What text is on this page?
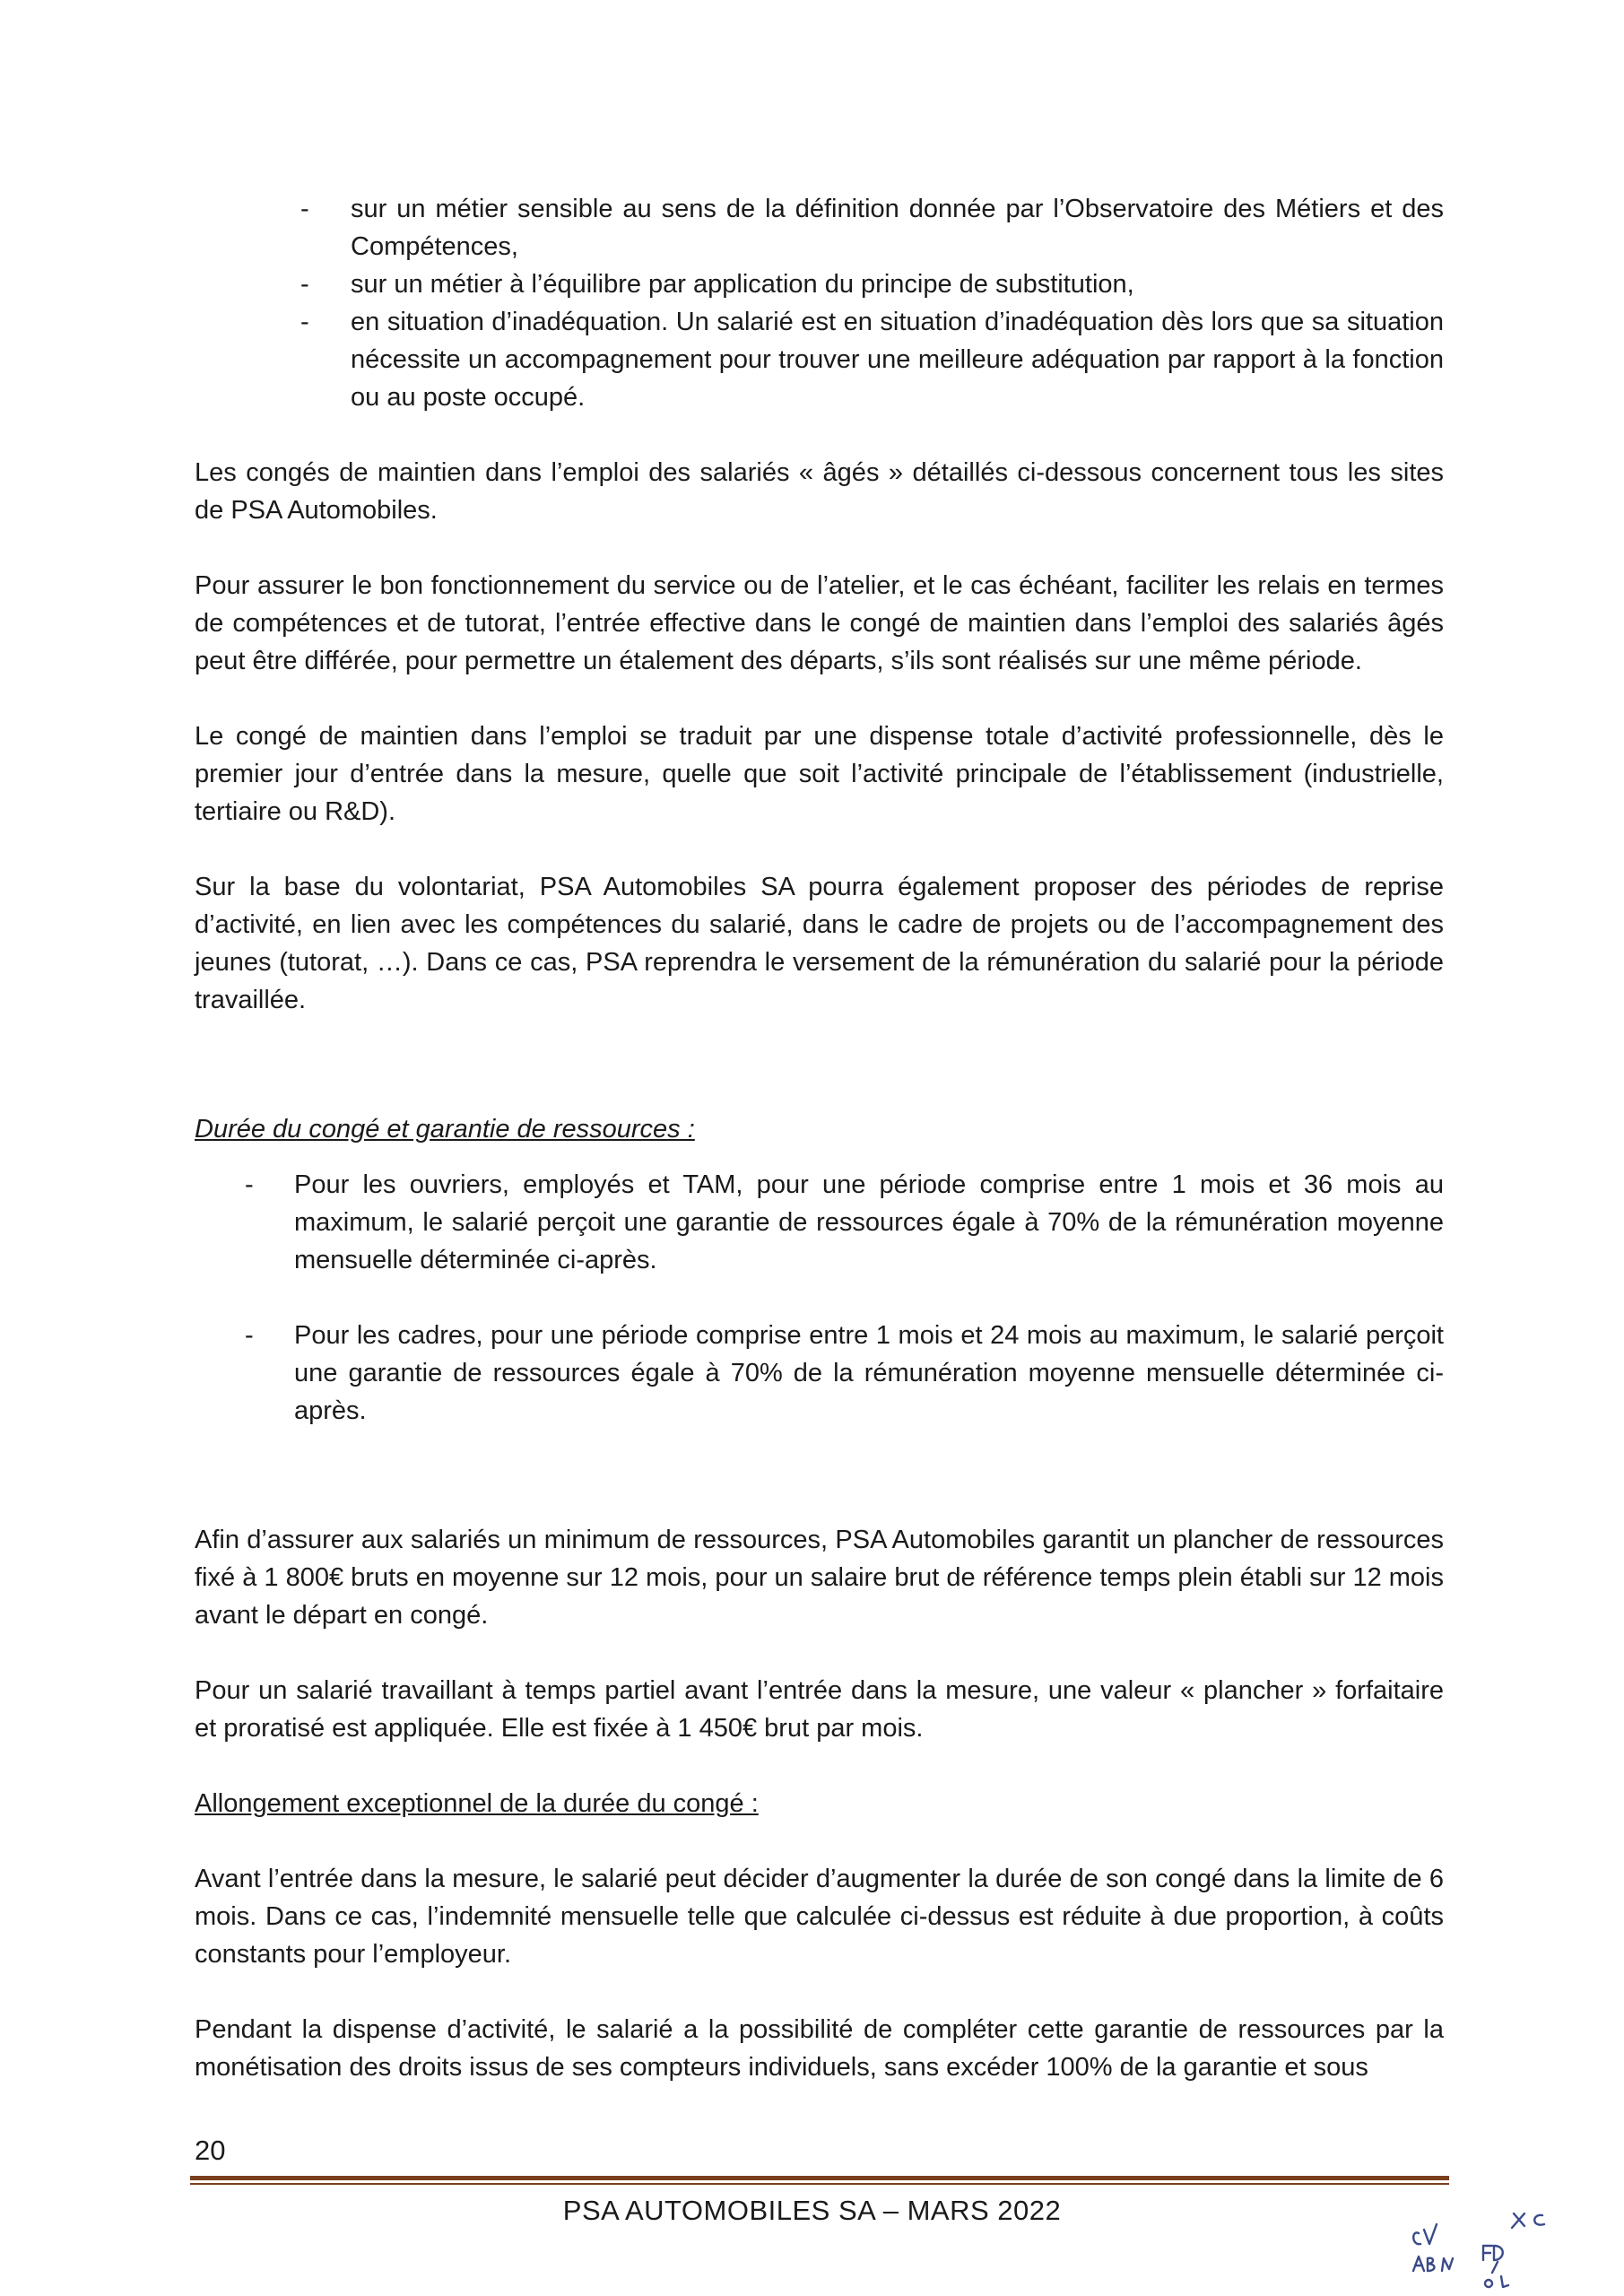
- sur un métier sensible au sens de la définition donnée par l’Observatoire des Métiers et des Compétences,
- sur un métier à l’équilibre par application du principe de substitution,
- en situation d’inadéquation. Un salarié est en situation d’inadéquation dès lors que sa situation nécessite un accompagnement pour trouver une meilleure adéquation par rapport à la fonction ou au poste occupé.

Les congés de maintien dans l’emploi des salariés « âgés » détaillés ci-dessous concernent tous les sites de PSA Automobiles.

Pour assurer le bon fonctionnement du service ou de l’atelier, et le cas échéant, faciliter les relais en termes de compétences et de tutorat, l’entrée effective dans le congé de maintien dans l’emploi des salariés âgés peut être différée, pour permettre un étalement des départs, s’ils sont réalisés sur une même période.

Le congé de maintien dans l’emploi se traduit par une dispense totale d’activité professionnelle, dès le premier jour d’entrée dans la mesure, quelle que soit l’activité principale de l’établissement (industrielle, tertiaire ou R&D).

Sur la base du volontariat, PSA Automobiles SA pourra également proposer des périodes de reprise d’activité, en lien avec les compétences du salarié, dans le cadre de projets ou de l’accompagnement des jeunes (tutorat, …). Dans ce cas, PSA reprendra le versement de la rémunération du salarié pour la période travaillée.

Durée du congé et garantie de ressources :
- Pour les ouvriers, employés et TAM, pour une période comprise entre 1 mois et 36 mois au maximum, le salarié perçoit une garantie de ressources égale à 70% de la rémunération moyenne mensuelle déterminée ci-après.
- Pour les cadres, pour une période comprise entre 1 mois et 24 mois au maximum, le salarié perçoit une garantie de ressources égale à 70% de la rémunération moyenne mensuelle déterminée ci-après.

Afin d’assurer aux salariés un minimum de ressources, PSA Automobiles garantit un plancher de ressources fixé à 1 800€ bruts en moyenne sur 12 mois, pour un salaire brut de référence temps plein établi sur 12 mois avant le départ en congé.

Pour un salarié travaillant à temps partiel avant l’entrée dans la mesure, une valeur « plancher » forfaitaire et proratisé est appliquée. Elle est fixée à 1 450€ brut par mois.

Allongement exceptionnel de la durée du congé :

Avant l’entrée dans la mesure, le salarié peut décider d’augmenter la durée de son congé dans la limite de 6 mois. Dans ce cas, l’indemnité mensuelle telle que calculée ci-dessus est réduite à due proportion, à coûts constants pour l’employeur.

Pendant la dispense d’activité, le salarié a la possibilité de compléter cette garantie de ressources par la monétisation des droits issus de ses compteurs individuels, sans excéder 100% de la garantie et sous

20
PSA AUTOMOBILES SA – MARS 2022
